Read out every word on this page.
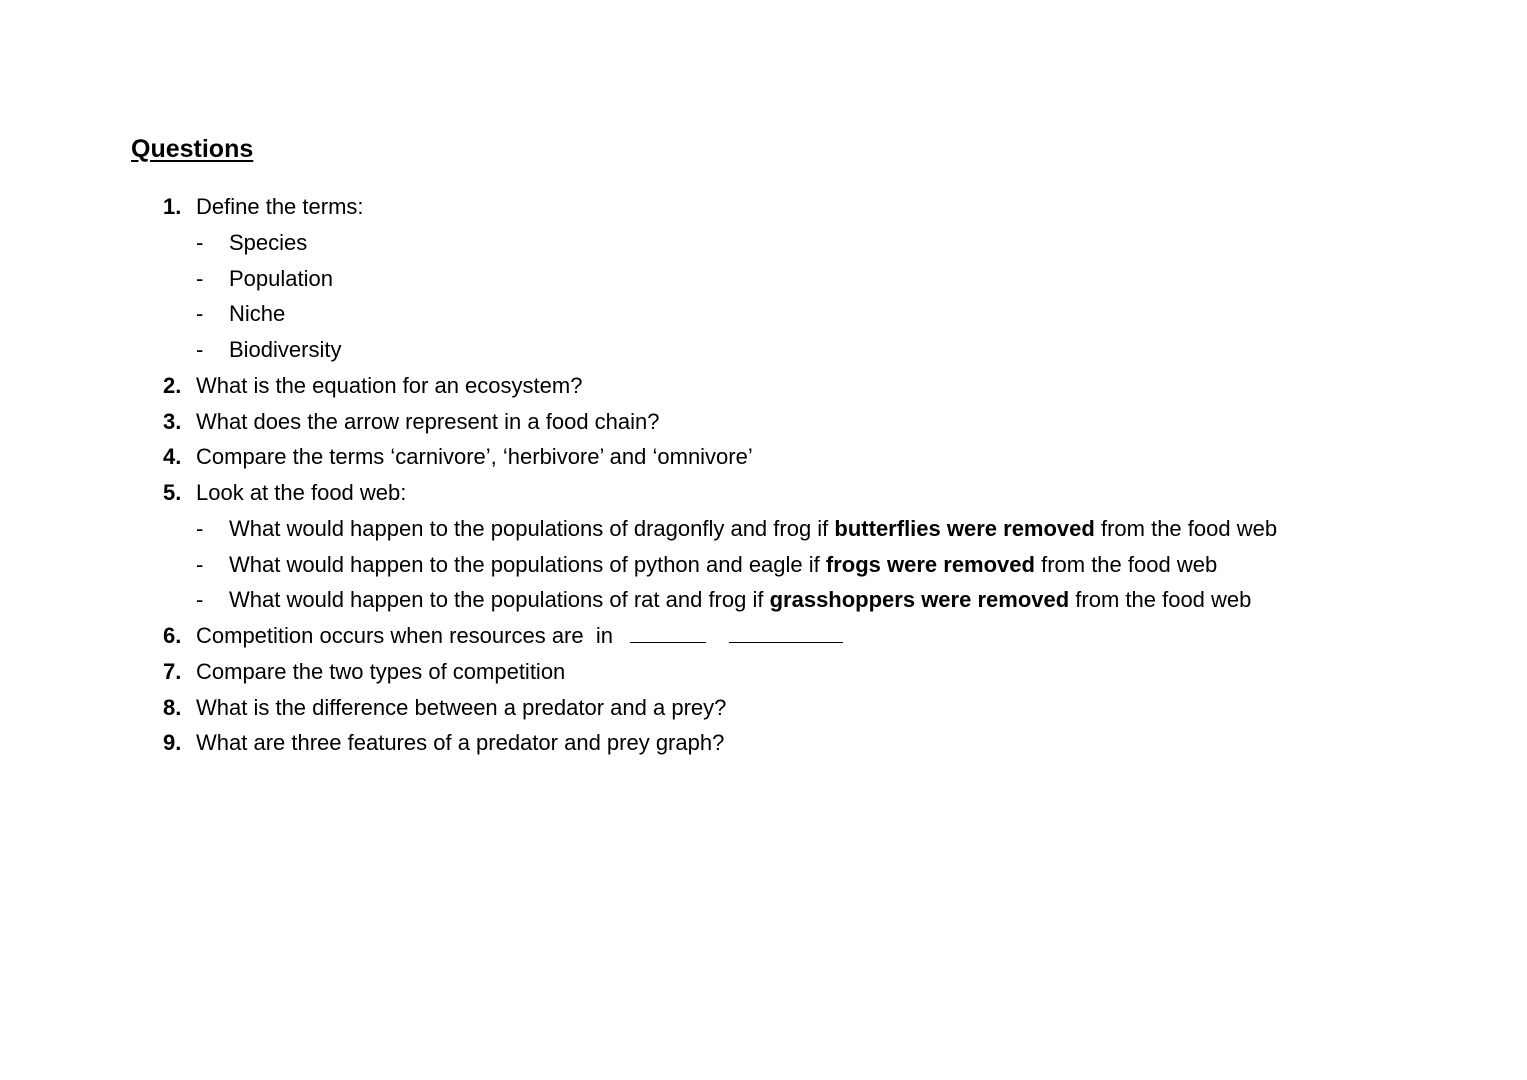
Questions
1. Define the terms:
- Species
- Population
- Niche
- Biodiversity
2. What is the equation for an ecosystem?
3. What does the arrow represent in a food chain?
4. Compare the terms ‘carnivore’, ‘herbivore’ and ‘omnivore’
5. Look at the food web:
- What would happen to the populations of dragonfly and frog if butterflies were removed from the food web
- What would happen to the populations of python and eagle if frogs were removed from the food web
- What would happen to the populations of rat and frog if grasshoppers were removed from the food web
6. Competition occurs when resources are  in
7. Compare the two types of competition
8. What is the difference between a predator and a prey?
9. What are three features of a predator and prey graph?
